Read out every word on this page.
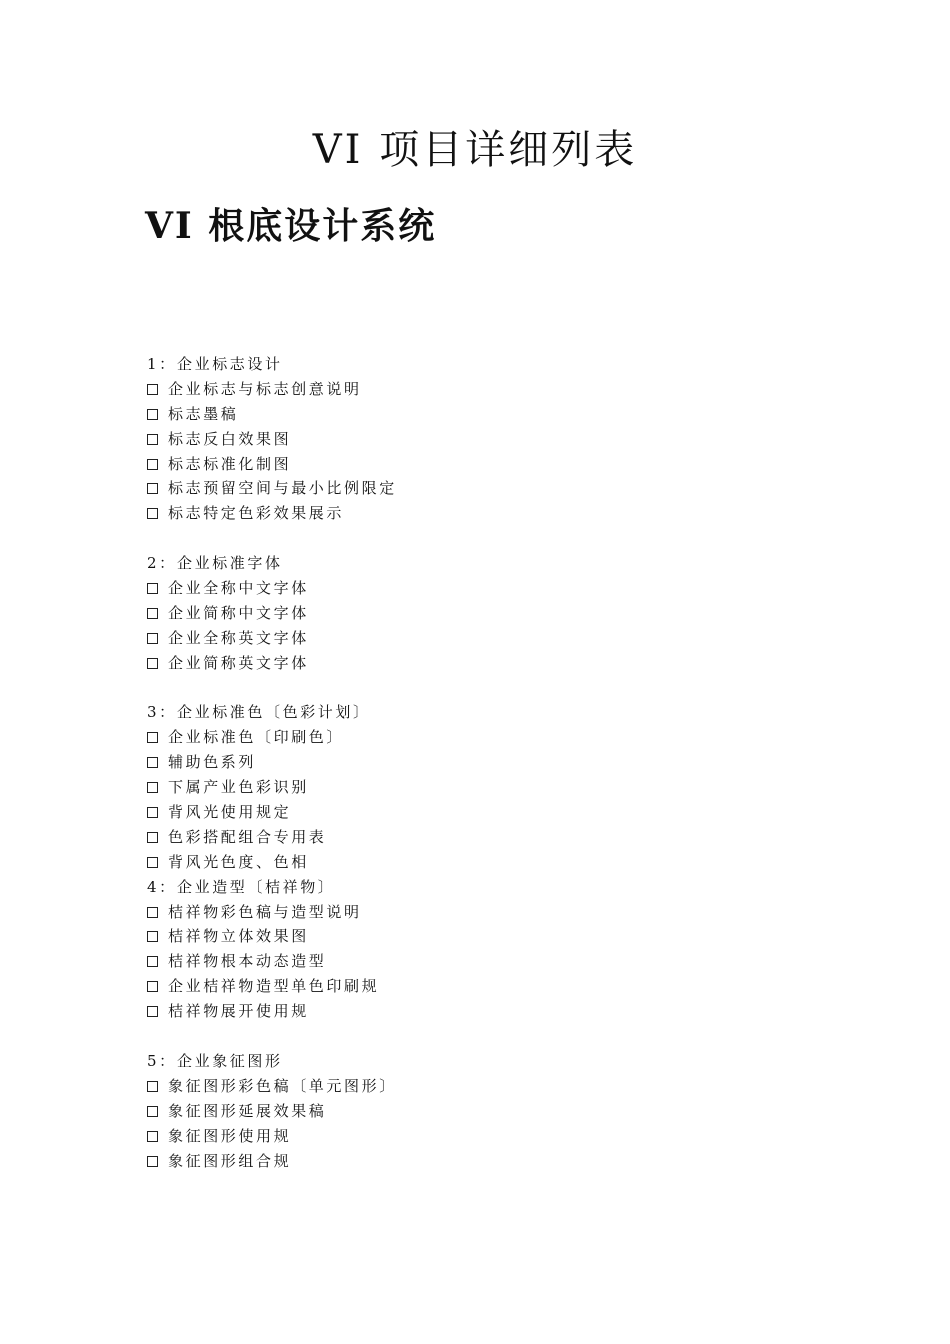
VI 项目详细列表
VI 根底设计系统
1：企业标志设计
企业标志与标志创意说明
标志墨稿
标志反白效果图
标志标准化制图
标志预留空间与最小比例限定
标志特定色彩效果展示
2：企业标准字体
企业全称中文字体
企业简称中文字体
企业全称英文字体
企业简称英文字体
3：企业标准色〔色彩计划〕
企业标准色〔印刷色〕
辅助色系列
下属产业色彩识别
背风光使用规定
色彩搭配组合专用表
背风光色度、色相
4：企业造型〔桔祥物〕
桔祥物彩色稿与造型说明
桔祥物立体效果图
桔祥物根本动态造型
企业桔祥物造型单色印刷规
桔祥物展开使用规
5：企业象征图形
象征图形彩色稿〔单元图形〕
象征图形延展效果稿
象征图形使用规
象征图形组合规
